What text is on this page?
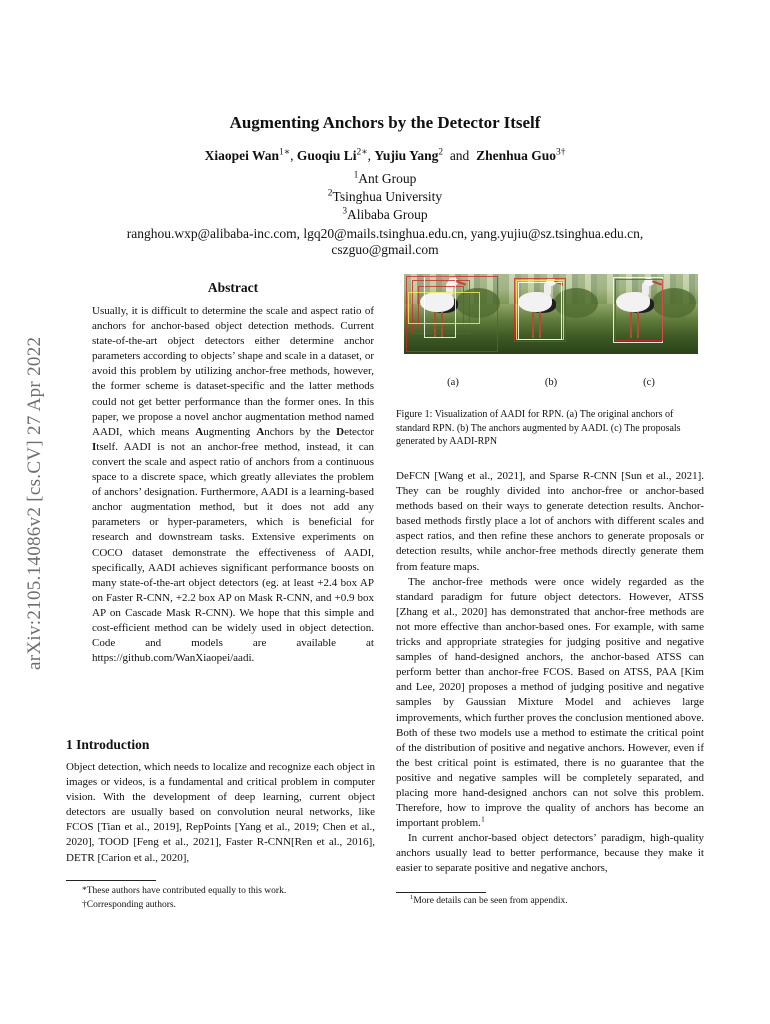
arXiv:2105.14086v2 [cs.CV] 27 Apr 2022
Augmenting Anchors by the Detector Itself
Xiaopei Wan$^{1∗}$, Guoqiu $Li^{2∗}$, Yujiu Yang$^2$ and Zhenhua Guo$^{3\dagger}$
$^1$Ant Group
$^2$Tsinghua University
$^3$Alibaba Group
ranghou.wxp@alibaba-inc.com, lgq20@mails.tsinghua.edu.cn, yang.yujiu@sz.tsinghua.edu.cn,
cszguo@gmail.com
Abstract
Usually, it is difficult to determine the scale and aspect ratio of anchors for anchor-based object detection methods. Current state-of-the-art object detectors either determine anchor parameters according to objects’ shape and scale in a dataset, or avoid this problem by utilizing anchor-free methods, however, the former scheme is dataset-specific and the latter methods could not get better performance than the former ones. In this paper, we propose a novel anchor augmentation method named AADI, which means Augmenting Anchors by the Detector Itself. AADI is not an anchor-free method, instead, it can convert the scale and aspect ratio of anchors from a continuous space to a discrete space, which greatly alleviates the problem of anchors’ designation. Furthermore, AADI is a learning-based anchor augmentation method, but it does not add any parameters or hyper-parameters, which is beneficial for research and downstream tasks. Extensive experiments on COCO dataset demonstrate the effectiveness of AADI, specifically, AADI achieves significant performance boosts on many state-of-the-art object detectors (eg. at least +2.4 box AP on Faster R-CNN, +2.2 box AP on Mask R-CNN, and +0.9 box AP on Cascade Mask R-CNN). We hope that this simple and cost-efficient method can be widely used in object detection. Code and models are available at https://github.com/WanXiaopei/aadi.
1 Introduction
Object detection, which needs to localize and recognize each object in images or videos, is a fundamental and critical problem in computer vision. With the development of deep learning, current object detectors are usually based on convolution neural networks, like FCOS [Tian et al., 2019], RepPoints [Yang et al., 2019; Chen et al., 2020], TOOD [Feng et al., 2021], Faster R-CNN[Ren et al., 2016], DETR [Carion et al., 2020],
*These authors have contributed equally to this work.
†Corresponding authors.
(a)	(b)	(c)
Figure 1: Visualization of AADI for RPN. (a) The original anchors of standard RPN. (b) The anchors augmented by AADI. (c) The proposals generated by AADI-RPN
DeFCN [Wang et al., 2021], and Sparse R-CNN [Sun et al., 2021]. They can be roughly divided into anchor-free or anchor-based methods based on their ways to generate detection results. Anchor-based methods firstly place a lot of anchors with different scales and aspect ratios, and then refine these anchors to generate proposals or detection results, while anchor-free methods directly generate them from feature maps.
The anchor-free methods were once widely regarded as the standard paradigm for future object detectors. However, ATSS [Zhang et al., 2020] has demonstrated that anchor-free methods are not more effective than anchor-based ones. For example, with same tricks and appropriate strategies for judging positive and negative samples of hand-designed anchors, the anchor-based ATSS can perform better than anchor-free FCOS. Based on ATSS, PAA [Kim and Lee, 2020] proposes a method of judging positive and negative samples by Gaussian Mixture Model and achieves large improvements, which further proves the conclusion mentioned above. Both of these two models use a method to estimate the critical point of the distribution of positive and negative anchors. However, even if the best critical point is estimated, there is no guarantee that the positive and negative samples will be completely separated, and placing more hand-designed anchors can not solve this problem. Therefore, how to improve the quality of anchors has become an important problem.$^1$
In current anchor-based object detectors’ paradigm, high-quality anchors usually lead to better performance, because they make it easier to separate positive and negative anchors,
$^1$More details can be seen from appendix.
